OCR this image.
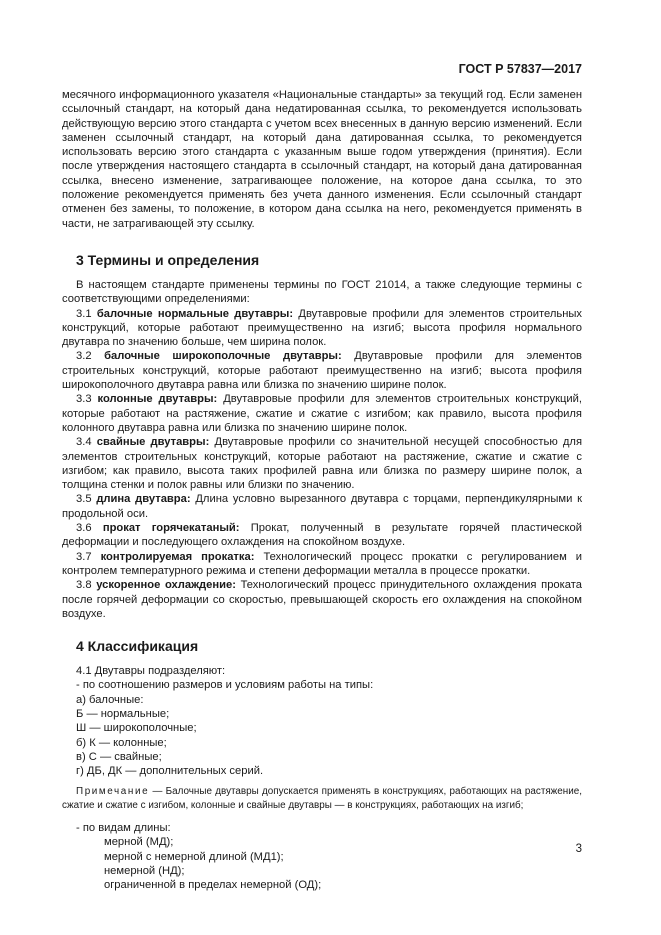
ГОСТ Р 57837—2017

месячного информационного указателя «Национальные стандарты» за текущий год. Если заменен ссылочный стандарт, на который дана недатированная ссылка, то рекомендуется использовать действующую версию этого стандарта с учетом всех внесенных в данную версию изменений. Если заменен ссылочный стандарт, на который дана датированная ссылка, то рекомендуется использовать версию этого стандарта с указанным выше годом утверждения (принятия). Если после утверждения настоящего стандарта в ссылочный стандарт, на который дана датированная ссылка, внесено изменение, затрагивающее положение, на которое дана ссылка, то это положение рекомендуется применять без учета данного изменения. Если ссылочный стандарт отменен без замены, то положение, в котором дана ссылка на него, рекомендуется применять в части, не затрагивающей эту ссылку.

3 Термины и определения

В настоящем стандарте применены термины по ГОСТ 21014, а также следующие термины с соответствующими определениями:

3.1 балочные нормальные двутавры: Двутавровые профили для элементов строительных конструкций, которые работают преимущественно на изгиб; высота профиля нормального двутавра по значению больше, чем ширина полок.

3.2 балочные широкополочные двутавры: Двутавровые профили для элементов строительных конструкций, которые работают преимущественно на изгиб; высота профиля широкополочного двутавра равна или близка по значению ширине полок.

3.3 колонные двутавры: Двутавровые профили для элементов строительных конструкций, которые работают на растяжение, сжатие и сжатие с изгибом; как правило, высота профиля колонного двутавра равна или близка по значению ширине полок.

3.4 свайные двутавры: Двутавровые профили со значительной несущей способностью для элементов строительных конструкций, которые работают на растяжение, сжатие и сжатие с изгибом; как правило, высота таких профилей равна или близка по размеру ширине полок, а толщина стенки и полок равны или близки по значению.

3.5 длина двутавра: Длина условно вырезанного двутавра с торцами, перпендикулярными к продольной оси.

3.6 прокат горячекатаный: Прокат, полученный в результате горячей пластической деформации и последующего охлаждения на спокойном воздухе.

3.7 контролируемая прокатка: Технологический процесс прокатки с регулированием и контролем температурного режима и степени деформации металла в процессе прокатки.

3.8 ускоренное охлаждение: Технологический процесс принудительного охлаждения проката после горячей деформации со скоростью, превышающей скорость его охлаждения на спокойном воздухе.

4 Классификация

4.1 Двутавры подразделяют:

- по соотношению размеров и условиям работы на типы:

а) балочные:

Б — нормальные;

Ш — широкополочные;

б) К — колонные;

в) С — свайные;

г) ДБ, ДК — дополнительных серий.

Примечание — Балочные двутавры допускается применять в конструкциях, работающих на растяжение, сжатие и сжатие с изгибом, колонные и свайные двутавры — в конструкциях, работающих на изгиб;

- по видам длины:

мерной (МД);

мерной с немерной длиной (МД1);

немерной (НД);

ограниченной в пределах немерной (ОД);

3
